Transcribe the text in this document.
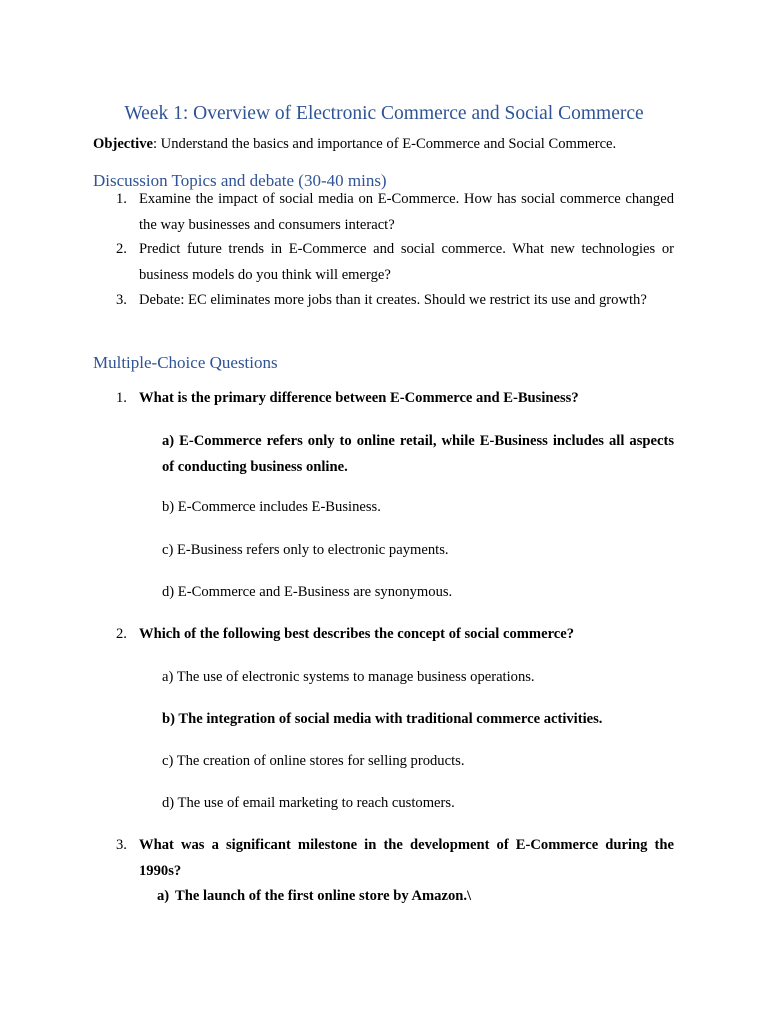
Week 1: Overview of Electronic Commerce and Social Commerce
Objective: Understand the basics and importance of E-Commerce and Social Commerce.
Discussion Topics and debate (30-40 mins)
1. Examine the impact of social media on E-Commerce. How has social commerce changed the way businesses and consumers interact?
2. Predict future trends in E-Commerce and social commerce. What new technologies or business models do you think will emerge?
3. Debate: EC eliminates more jobs than it creates. Should we restrict its use and growth?
Multiple-Choice Questions
1. What is the primary difference between E-Commerce and E-Business?
a) E-Commerce refers only to online retail, while E-Business includes all aspects of conducting business online.
b) E-Commerce includes E-Business.
c) E-Business refers only to electronic payments.
d) E-Commerce and E-Business are synonymous.
2. Which of the following best describes the concept of social commerce?
a) The use of electronic systems to manage business operations.
b) The integration of social media with traditional commerce activities.
c) The creation of online stores for selling products.
d) The use of email marketing to reach customers.
3. What was a significant milestone in the development of E-Commerce during the 1990s?
a) The launch of the first online store by Amazon.\
